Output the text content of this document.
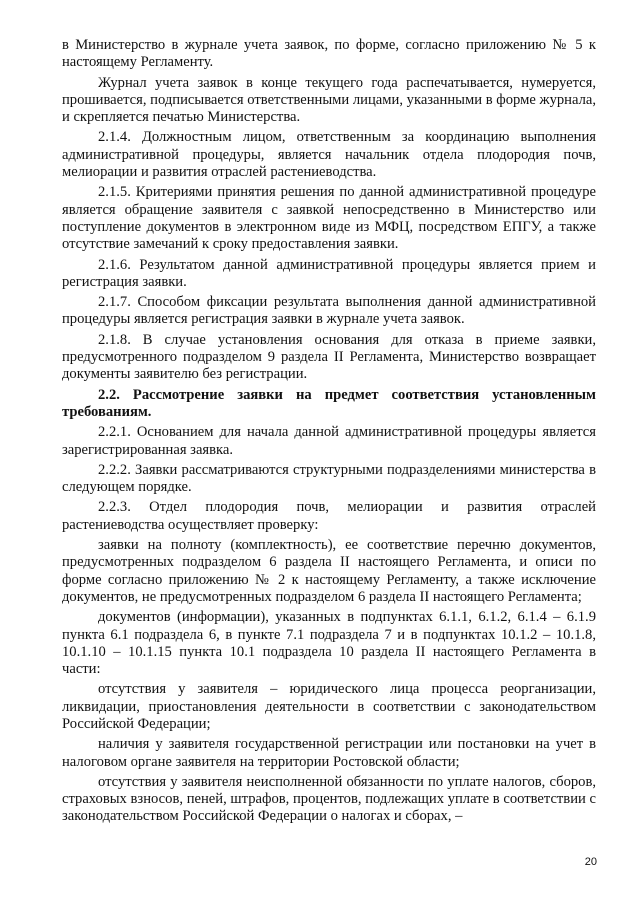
в Министерство в журнале учета заявок, по форме, согласно приложению № 5 к настоящему Регламенту.

Журнал учета заявок в конце текущего года распечатывается, нумеруется, прошивается, подписывается ответственными лицами, указанными в форме журнала, и скрепляется печатью Министерства.

2.1.4. Должностным лицом, ответственным за координацию выполнения административной процедуры, является начальник отдела плодородия почв, мелиорации и развития отраслей растениеводства.

2.1.5. Критериями принятия решения по данной административной процедуре является обращение заявителя с заявкой непосредственно в Министерство или поступление документов в электронном виде из МФЦ, посредством ЕПГУ, а также отсутствие замечаний к сроку предоставления заявки.

2.1.6. Результатом данной административной процедуры является прием и регистрация заявки.

2.1.7. Способом фиксации результата выполнения данной административной процедуры является регистрация заявки в журнале учета заявок.

2.1.8. В случае установления основания для отказа в приеме заявки, предусмотренного подразделом 9 раздела II Регламента, Министерство возвращает документы заявителю без регистрации.

2.2. Рассмотрение заявки на предмет соответствия установленным требованиям.

2.2.1. Основанием для начала данной административной процедуры является зарегистрированная заявка.

2.2.2. Заявки рассматриваются структурными подразделениями министерства в следующем порядке.

2.2.3. Отдел плодородия почв, мелиорации и развития отраслей растениеводства осуществляет проверку:

заявки на полноту (комплектность), ее соответствие перечню документов, предусмотренных подразделом 6 раздела II настоящего Регламента, и описи по форме согласно приложению № 2 к настоящему Регламенту, а также исключение документов, не предусмотренных подразделом 6 раздела II настоящего Регламента;

документов (информации), указанных в подпунктах 6.1.1, 6.1.2, 6.1.4 – 6.1.9 пункта 6.1 подраздела 6, в пункте 7.1 подраздела 7 и в подпунктах 10.1.2 – 10.1.8, 10.1.10 – 10.1.15 пункта 10.1 подраздела 10 раздела II настоящего Регламента в части:

отсутствия у заявителя – юридического лица процесса реорганизации, ликвидации, приостановления деятельности в соответствии с законодательством Российской Федерации;

наличия у заявителя государственной регистрации или постановки на учет в налоговом органе заявителя на территории Ростовской области;

отсутствия у заявителя неисполненной обязанности по уплате налогов, сборов, страховых взносов, пеней, штрафов, процентов, подлежащих уплате в соответствии с законодательством Российской Федерации о налогах и сборах, –

20
